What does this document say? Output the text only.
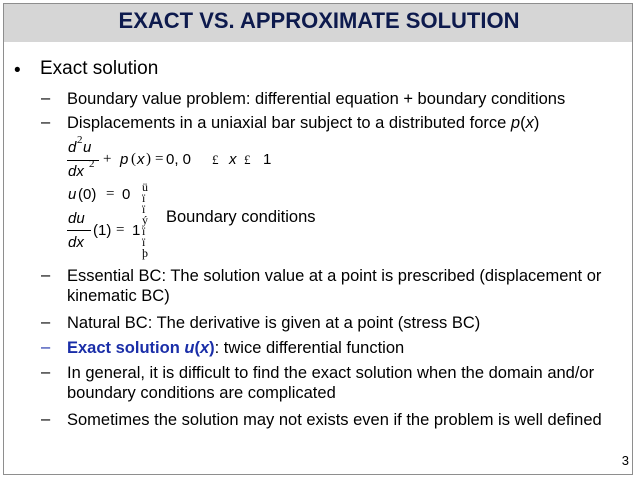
EXACT VS. APPROXIMATE SOLUTION
• Exact solution
– Boundary value problem: differential equation + boundary conditions
– Displacements in a uniaxial bar subject to a distributed force p(x)
d 2 u
dx 2 + p ( x ) = 0, 0 £ x £ 1
u (0) = 0
du
dx
(1) = 1
ü
ï
ï
ý
ï
ï
þ
Boundary conditions
– Essential BC: The solution value at a point is prescribed (displacement or kinematic BC)
– Natural BC: The derivative is given at a point (stress BC)
– Exact solution u(x): twice differential function
– In general, it is difficult to find the exact solution when the domain and/or boundary conditions are complicated
– Sometimes the solution may not exists even if the problem is well defined
3
